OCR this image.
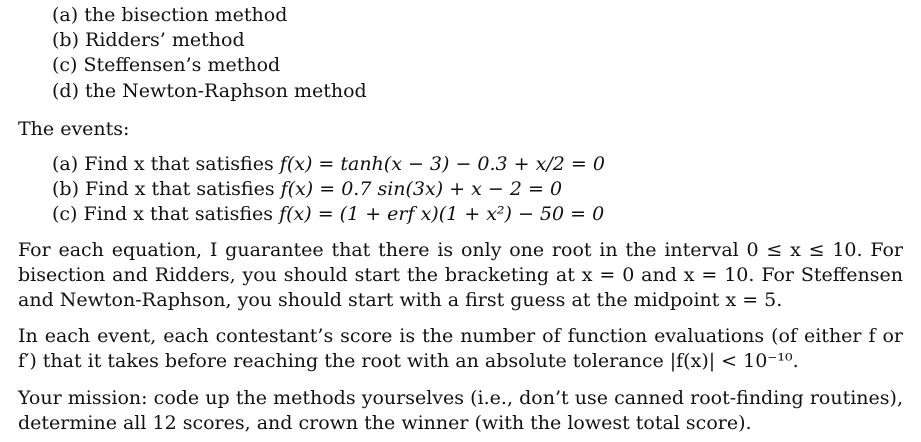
(a) the bisection method
(b) Ridders’ method
(c) Steffensen’s method
(d) the Newton-Raphson method
The events:
(a) Find x that satisfies f(x) = tanh(x − 3) − 0.3 + x/2 = 0
(b) Find x that satisfies f(x) = 0.7 sin(3x) + x − 2 = 0
(c) Find x that satisfies f(x) = (1 + erf x)(1 + x²) − 50 = 0
For each equation, I guarantee that there is only one root in the interval 0 ≤ x ≤ 10. For bisection and Ridders, you should start the bracketing at x = 0 and x = 10. For Steffensen and Newton-Raphson, you should start with a first guess at the midpoint x = 5.
In each event, each contestant’s score is the number of function evaluations (of either f or f′) that it takes before reaching the root with an absolute tolerance |f(x)| < 10⁻¹⁰.
Your mission: code up the methods yourselves (i.e., don’t use canned root-finding routines), determine all 12 scores, and crown the winner (with the lowest total score).
